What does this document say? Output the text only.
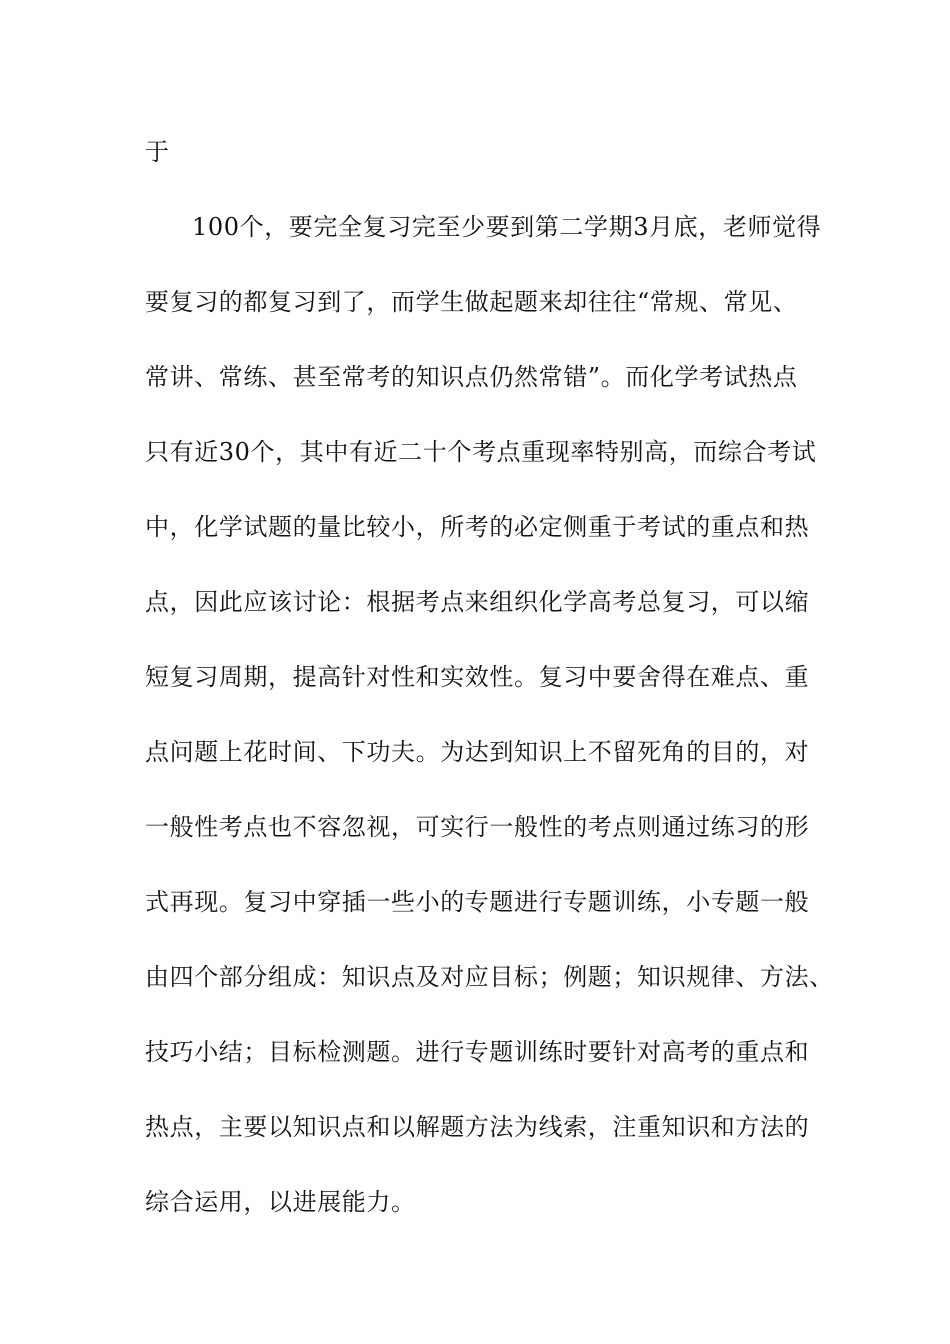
于
100个，要完全复习完至少要到第二学期3月底，老师觉得
要复习的都复习到了，而学生做起题来却往往“常规、常见、
常讲、常练、甚至常考的知识点仍然常错”。而化学考试热点
只有近30个，其中有近二十个考点重现率特别高，而综合考试
中，化学试题的量比较小，所考的必定侧重于考试的重点和热
点，因此应该讨论：根据考点来组织化学高考总复习，可以缩
短复习周期，提高针对性和实效性。复习中要舍得在难点、重
点问题上花时间、下功夫。为达到知识上不留死角的目的，对
一般性考点也不容忽视，可实行一般性的考点则通过练习的形
式再现。复习中穿插一些小的专题进行专题训练，小专题一般
由四个部分组成：知识点及对应目标；例题；知识规律、方法、
技巧小结；目标检测题。进行专题训练时要针对高考的重点和
热点，主要以知识点和以解题方法为线索，注重知识和方法的
综合运用，以进展能力。
